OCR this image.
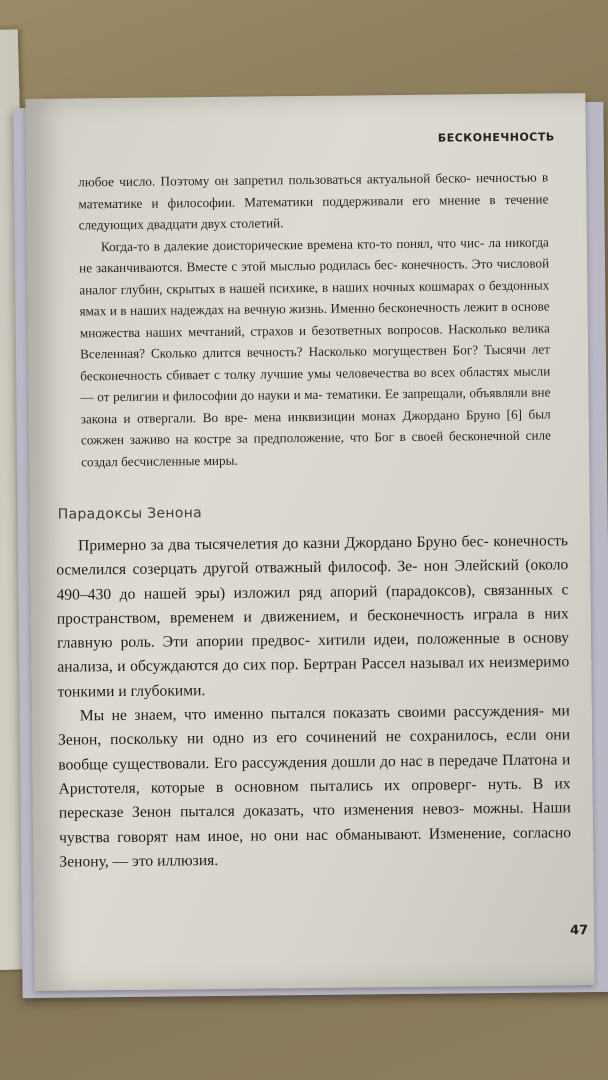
БЕСКОНЕЧНОСТЬ

любое число. Поэтому он запретил пользоваться актуальной беско- нечностью в математике и философии. Математики поддерживали его мнение в течение следующих двадцати двух столетий.

Когда-то в далекие доисторические времена кто-то понял, что чис- ла никогда не заканчиваются. Вместе с этой мыслью родилась бес- конечность. Это числовой аналог глубин, скрытых в нашей психике, в наших ночных кошмарах о бездонных ямах и в наших надеждах на вечную жизнь. Именно бесконечность лежит в основе множества наших мечтаний, страхов и безответных вопросов. Насколько велика Вселенная? Сколько длится вечность? Насколько могуществен Бог? Тысячи лет бесконечность сбивает с толку лучшие умы человечества во всех областях мысли — от религии и философии до науки и ма- тематики. Ее запрещали, объявляли вне закона и отвергали. Во вре- мена инквизиции монах Джордано Бруно [6] был сожжен заживо на костре за предположение, что Бог в своей бесконечной силе создал бесчисленные миры.

Парадоксы Зенона

Примерно за два тысячелетия до казни Джордано Бруно бес- конечность осмелился созерцать другой отважный философ. Зе- нон Элейский (около 490–430 до нашей эры) изложил ряд апорий (парадоксов), связанных с пространством, временем и движением, и бесконечность играла в них главную роль. Эти апории предвос- хитили идеи, положенные в основу анализа, и обсуждаются до сих пор. Бертран Рассел называл их неизмеримо тонкими и глубокими.

Мы не знаем, что именно пытался показать своими рассуждения- ми Зенон, поскольку ни одно из его сочинений не сохранилось, если они вообще существовали. Его рассуждения дошли до нас в передаче Платона и Аристотеля, которые в основном пытались их опроверг- нуть. В их пересказе Зенон пытался доказать, что изменения невоз- можны. Наши чувства говорят нам иное, но они нас обманывают. Изменение, согласно Зенону, — это иллюзия.

47
